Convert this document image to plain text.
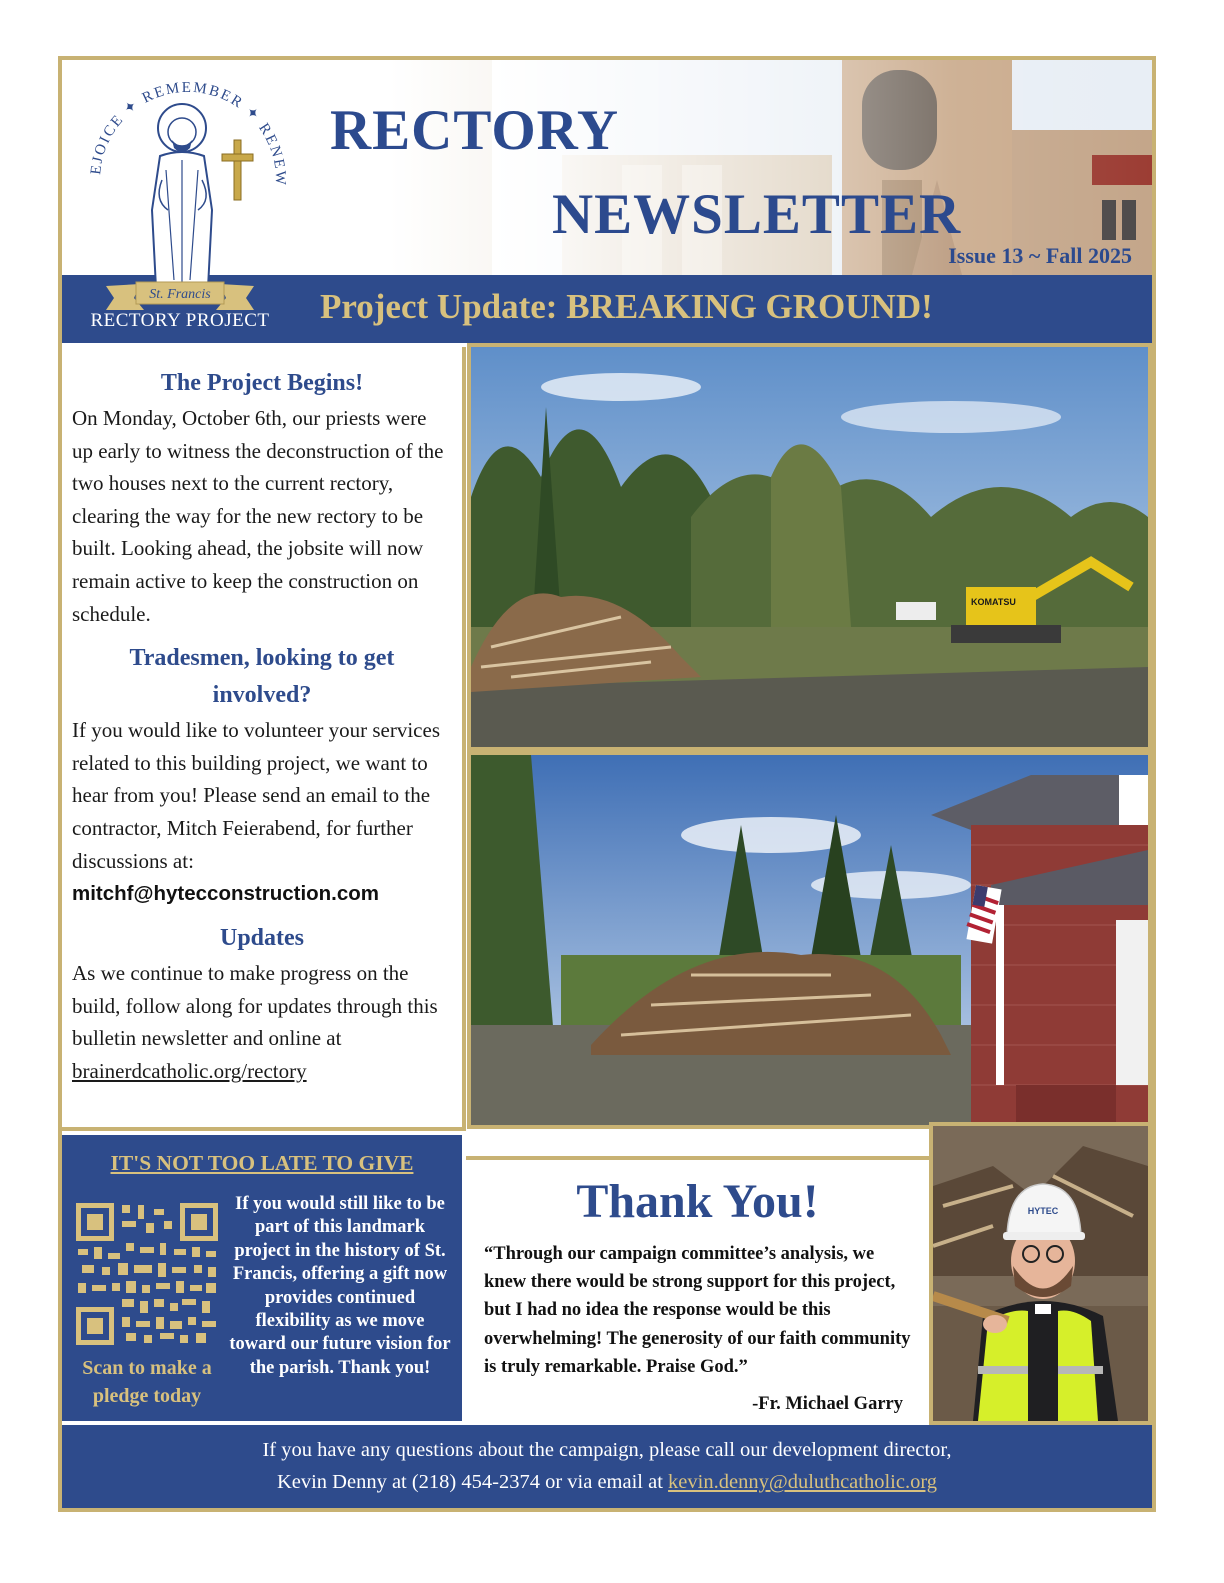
RECTORY
NEWSLETTER
Issue 13 ~ Fall 2025
Project Update: BREAKING GROUND!
EJOICE ✦ REMEMBER ✦ RENEW
St. Francis
RECTORY PROJECT
The Project Begins!
On Monday, October 6th, our priests were up early to witness the deconstruction of the two houses next to the current rectory, clearing the way for the new rectory to be built. Looking ahead, the jobsite will now remain active to keep the construction on schedule.
Tradesmen, looking to get involved?
If you would like to volunteer your services related to this building project, we want to hear from you! Please send an email to the contractor, Mitch Feierabend, for further discussions at:
mitchf@hytecconstruction.com
Updates
As we continue to make progress on the build, follow along for updates through this bulletin newsletter and online at
brainerdcatholic.org/rectory
KOMATSU
HYTEC
IT'S NOT TOO LATE TO GIVE
Scan to make a pledge today
If you would still like to be part of this landmark project in the history of St. Francis, offering a gift now provides continued flexibility as we move toward our future vision for the parish. Thank you!
Thank You!
“Through our campaign committee’s analysis, we knew there would be strong support for this project, but I had no idea the response would be this overwhelming! The generosity of our faith community is truly remarkable. Praise God.”
-Fr. Michael Garry

If you have any questions about the campaign, please call our development director,

Kevin Denny at (218) 454-2374 or via email at kevin.denny@duluthcatholic.org
